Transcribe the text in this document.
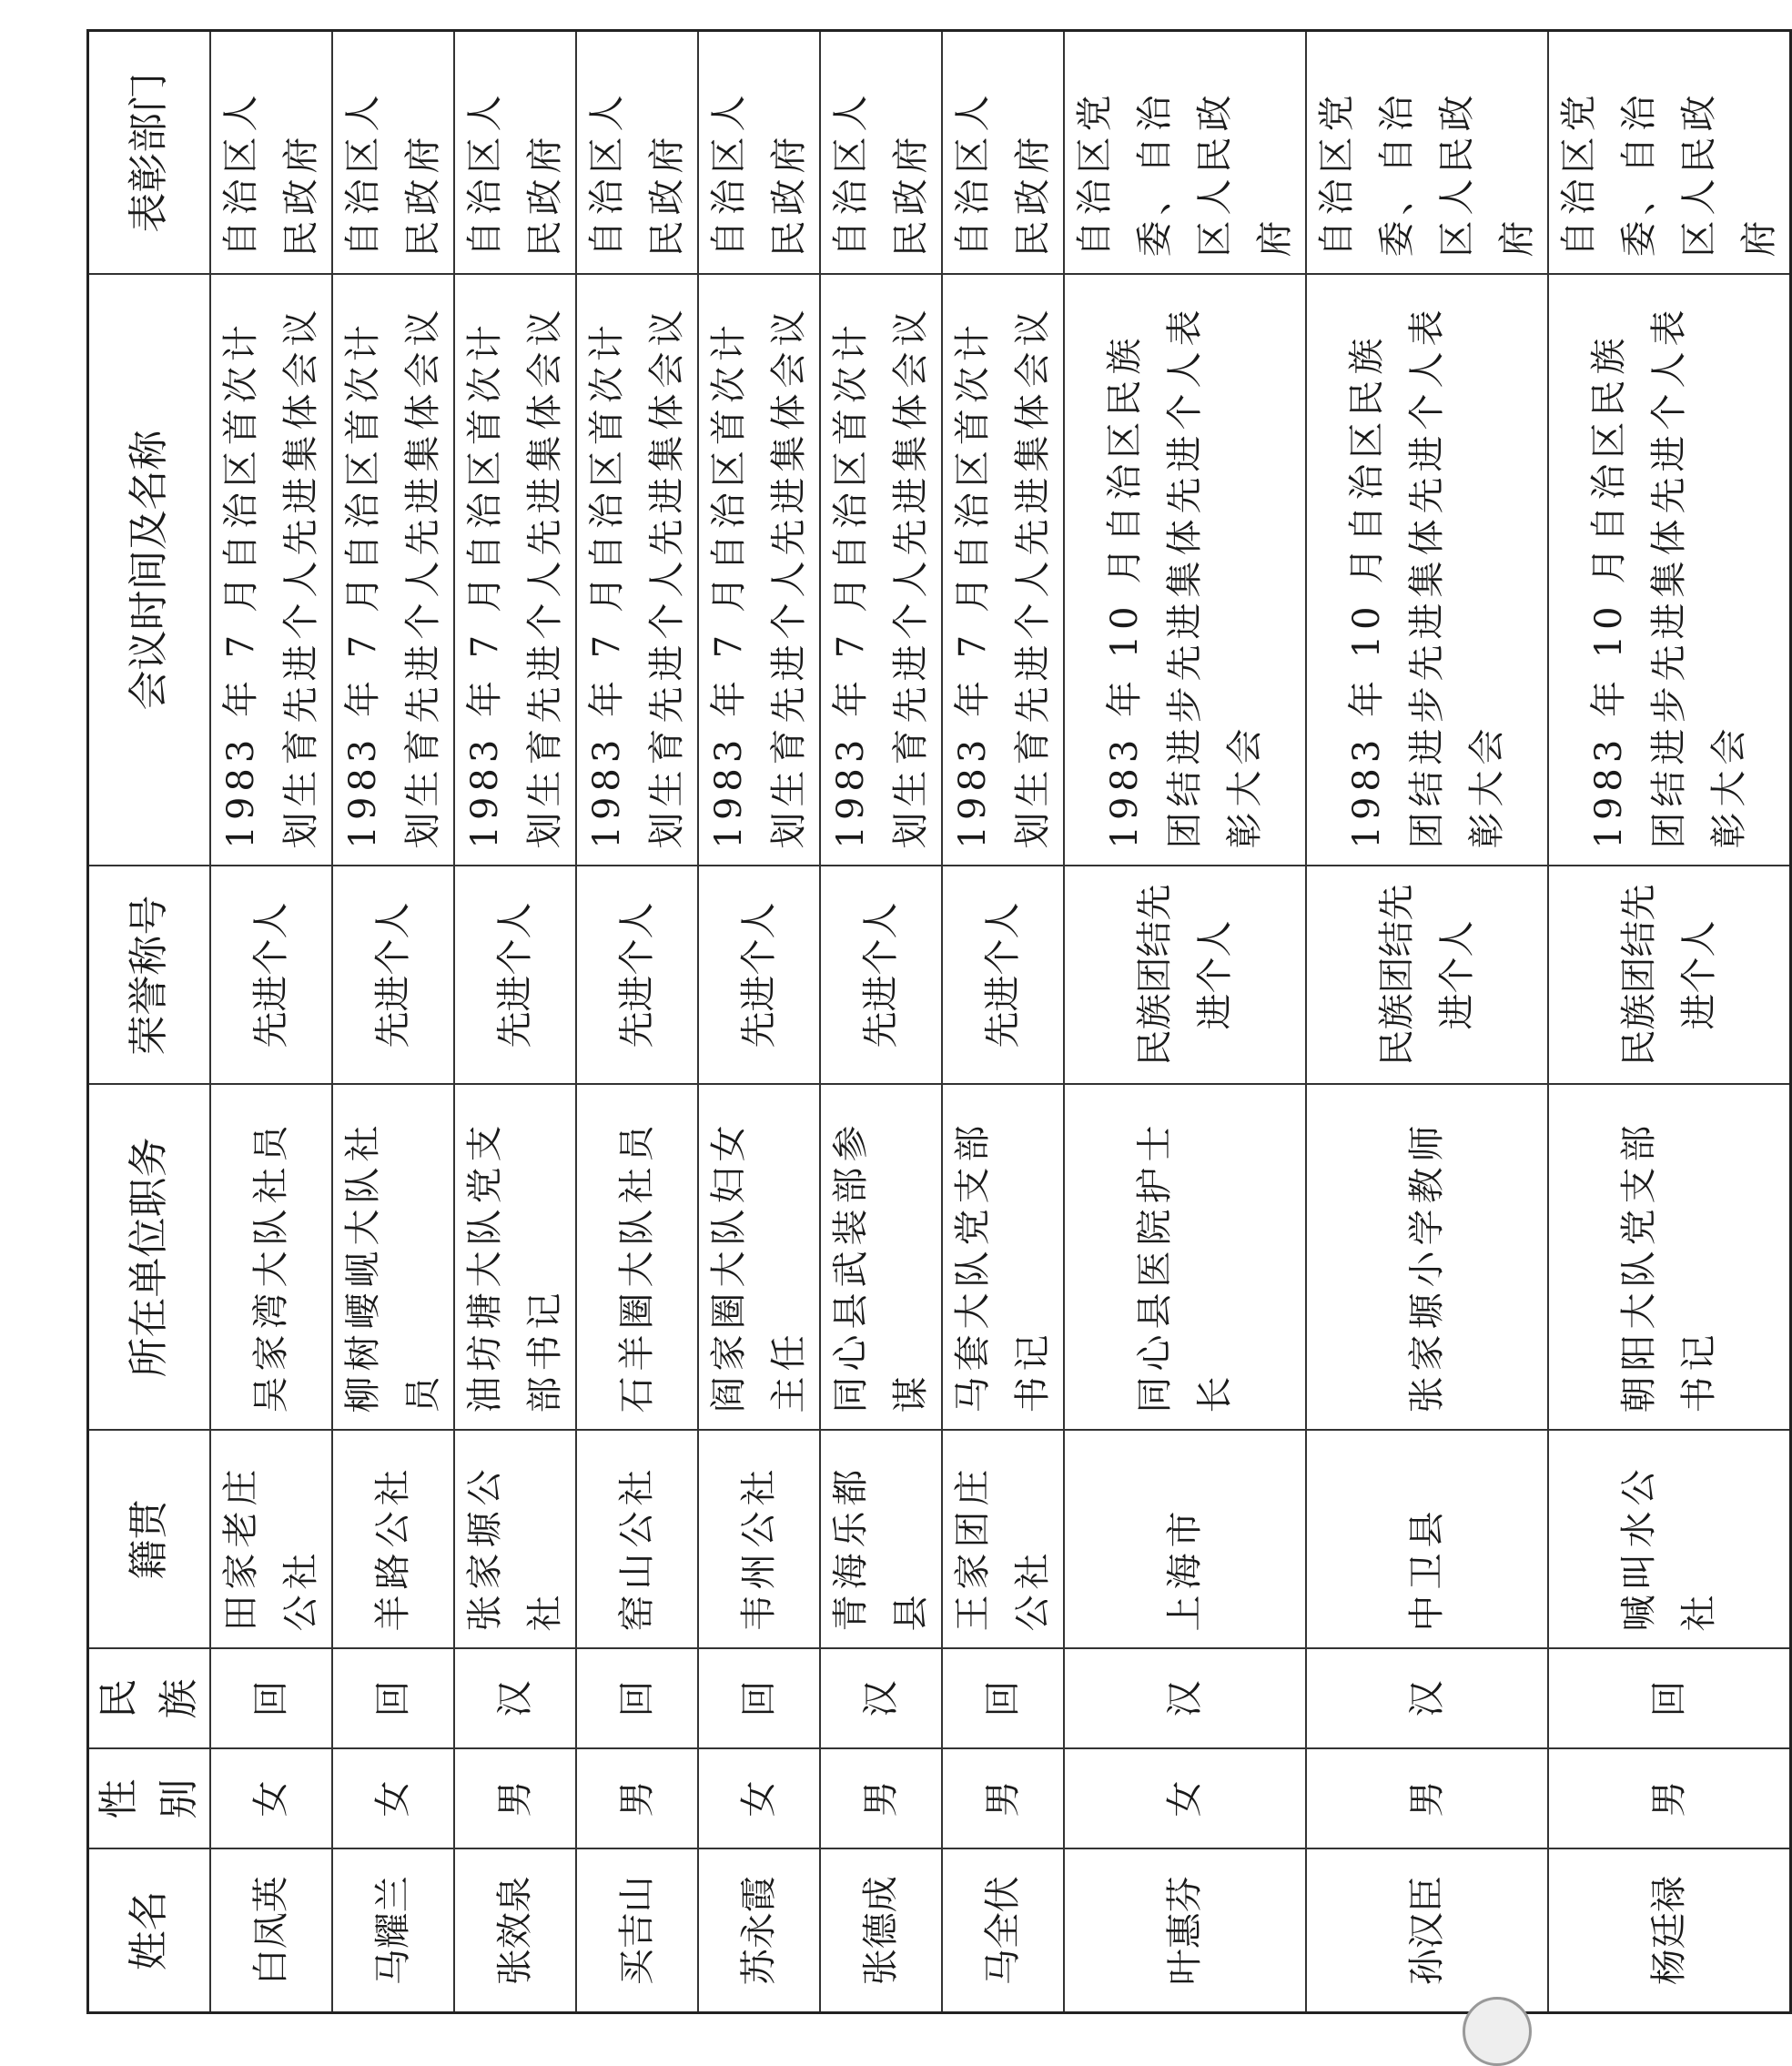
姓名	性别	民族	籍贯	所在单位职务	荣誉称号	会议时间及名称	表彰部门
白凤英	女	回	田家老庄公社	吴家湾大队社员	先进个人	1983 年 7 月自治区首次计划生育先进个人先进集体会议	自治区人民政府
马耀兰	女	回	羊路公社	柳树崾岘大队社员	先进个人	1983 年 7 月自治区首次计划生育先进个人先进集体会议	自治区人民政府
张效泉	男	汉	张家塬公社	油坊塘大队党支部书记	先进个人	1983 年 7 月自治区首次计划生育先进个人先进集体会议	自治区人民政府
买吉山	男	回	窑山公社	石羊圈大队社员	先进个人	1983 年 7 月自治区首次计划生育先进个人先进集体会议	自治区人民政府
苏永霞	女	回	韦州公社	阎家圈大队妇女主任	先进个人	1983 年 7 月自治区首次计划生育先进个人先进集体会议	自治区人民政府
张德成	男	汉	青海乐都县	同心县武装部参谋	先进个人	1983 年 7 月自治区首次计划生育先进个人先进集体会议	自治区人民政府
马全伏	男	回	王家团庄公社	马套大队党支部书记	先进个人	1983 年 7 月自治区首次计划生育先进个人先进集体会议	自治区人民政府
叶惠芬	女	汉	上海市	同心县医院护士长	民族团结先进个人	1983 年 10 月自治区民族团结进步先进集体先进个人表彰大会	自治区党委、自治区人民政府
孙汉臣	男	汉	中卫县	张家塬小学教师	民族团结先进个人	1983 年 10 月自治区民族团结进步先进集体先进个人表彰大会	自治区党委、自治区人民政府
杨廷禄	男	回	喊叫水公社	朝阳大队党支部书记	民族团结先进个人	1983 年 10 月自治区民族团结进步先进集体先进个人表彰大会	自治区党委、自治区人民政府
